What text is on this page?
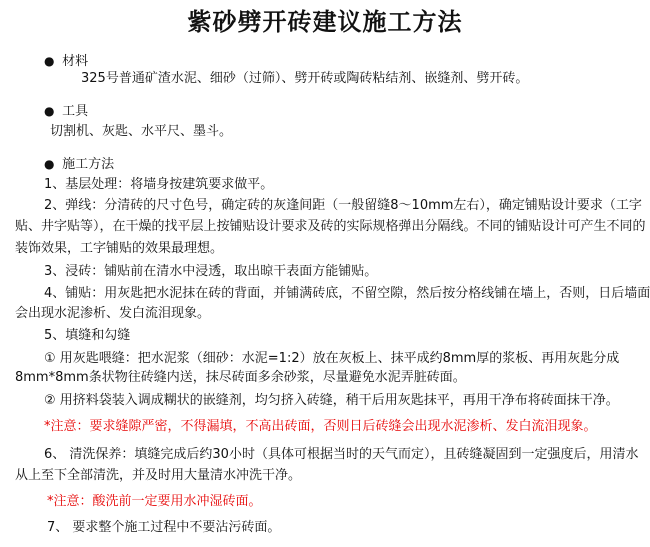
紫砂劈开砖建议施工方法
● 材料
325号普通矿渣水泥、细砂（过筛）、劈开砖或陶砖粘结剂、嵌缝剂、劈开砖。
● 工具
切割机、灰匙、水平尺、墨斗。
● 施工方法
1、基层处理：将墙身按建筑要求做平。
2、弹线：分清砖的尺寸色号，确定砖的灰逢间距（一般留缝8～10mm左右），确定铺贴设计要求（工字
贴、井字贴等），在干燥的找平层上按铺贴设计要求及砖的实际规格弹出分隔线。不同的铺贴设计可产生不同的
装饰效果，工字铺贴的效果最理想。
3、浸砖：铺贴前在清水中浸透，取出晾干表面方能铺贴。
4、铺贴：用灰匙把水泥抹在砖的背面，并铺满砖底，不留空隙，然后按分格线铺在墙上，否则，日后墙面
会出现水泥渗析、发白流泪现象。
5、填缝和勾缝
① 用灰匙喂缝：把水泥浆（细砂：水泥=1:2）放在灰板上、抹平成约8mm厚的浆板、再用灰匙分成
8mm*8mm条状物往砖缝内送，抹尽砖面多余砂浆，尽量避免水泥弄脏砖面。
② 用挤料袋装入调成糊状的嵌缝剂，均匀挤入砖缝，稍干后用灰匙抹平，再用干净布将砖面抹干净。
*注意：要求缝隙严密，不得漏填，不高出砖面，否则日后砖缝会出现水泥渗析、发白流泪现象。
6、 清洗保养：填缝完成后约30小时（具体可根据当时的天气而定），且砖缝凝固到一定强度后，用清水
从上至下全部清洗，并及时用大量清水冲洗干净。
*注意：酸洗前一定要用水冲湿砖面。
7、 要求整个施工过程中不要沾污砖面。
